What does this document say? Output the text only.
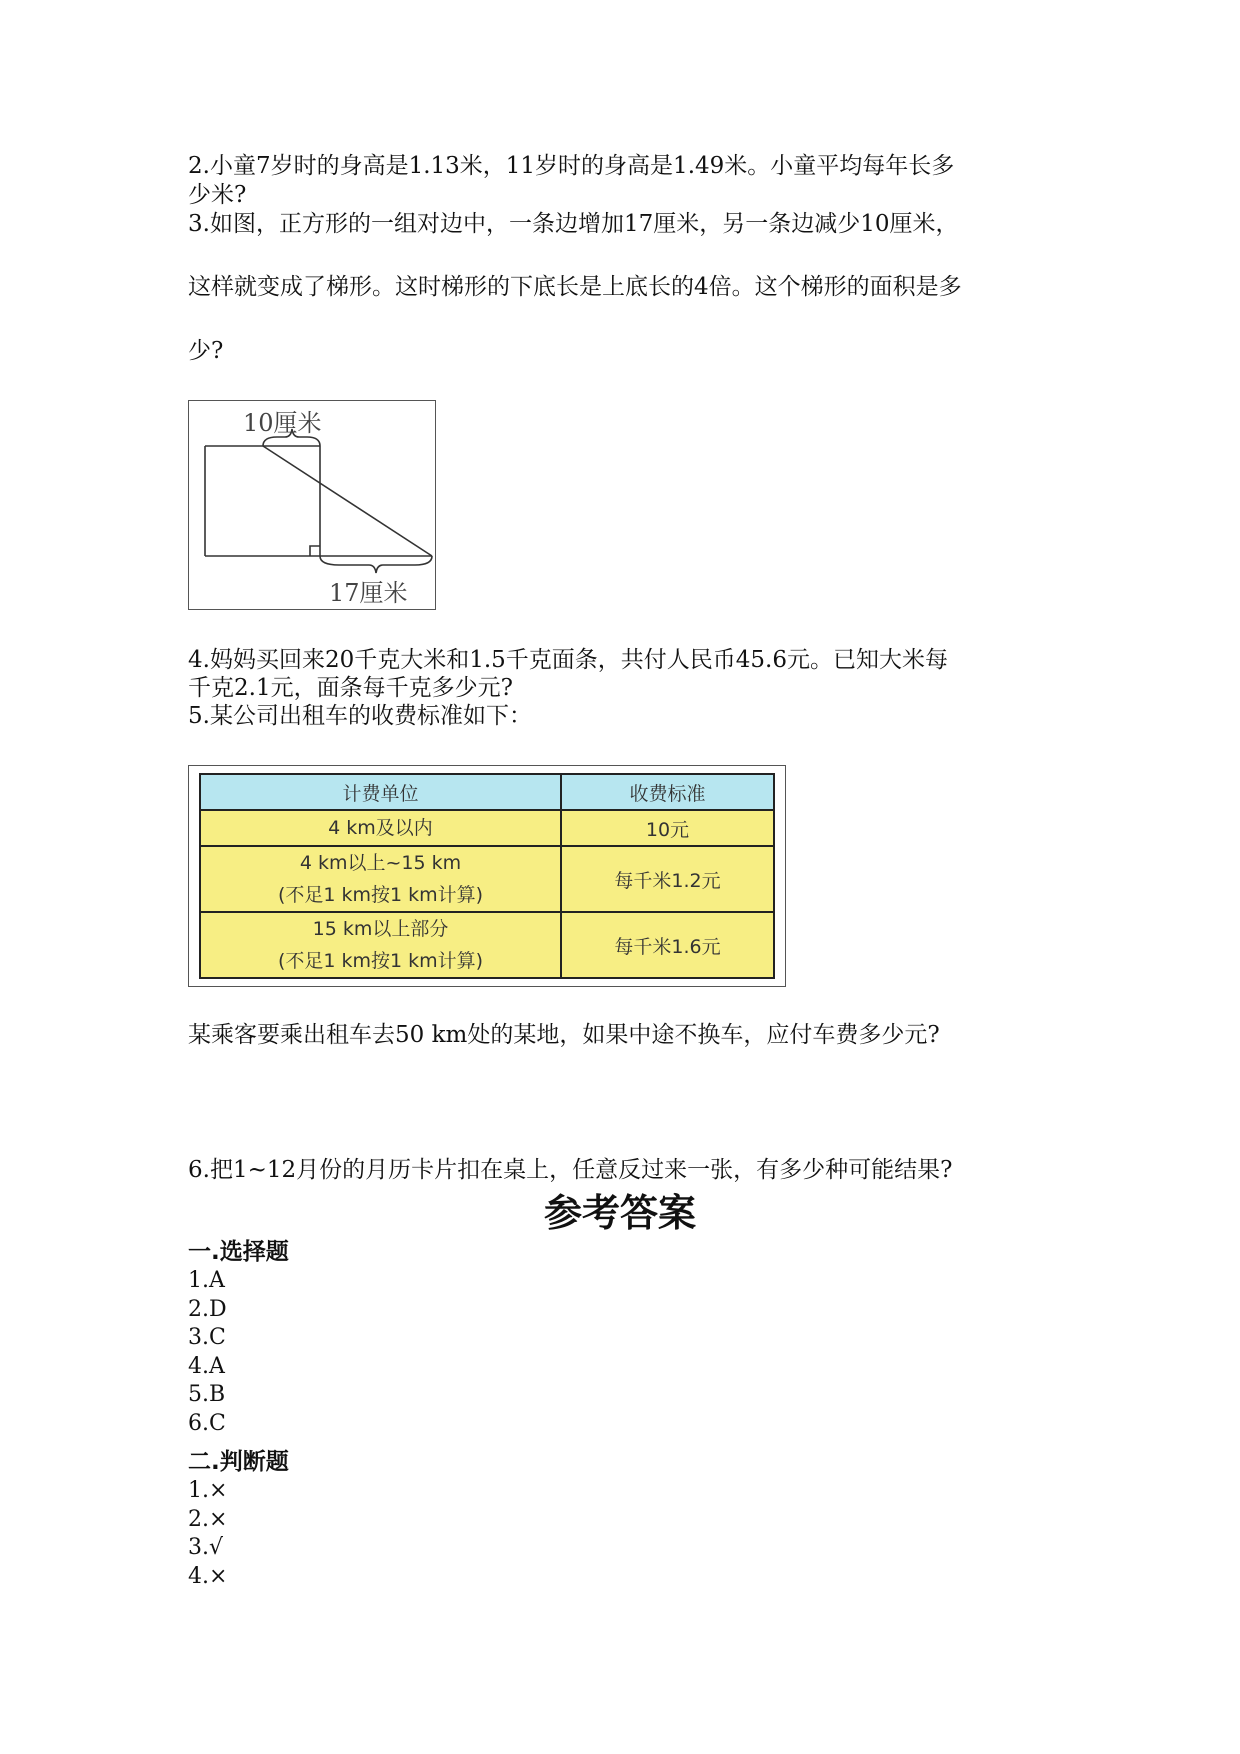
2.小童7岁时的身高是1.13米，11岁时的身高是1.49米。小童平均每年长多
少米?
3.如图，正方形的一组对边中，一条边增加17厘米，另一条边减少10厘米，
这样就变成了梯形。这时梯形的下底长是上底长的4倍。这个梯形的面积是多
少?
10厘米
17厘米
4.妈妈买回来20千克大米和1.5千克面条，共付人民币45.6元。已知大米每
千克2.1元，面条每千克多少元?
5.某公司出租车的收费标准如下：
计费单位	收费标准

4 km及以内	10元

4 km以上~15 km
(不足1 km按1 km计算)	每千米1.2元

15 km以上部分
(不足1 km按1 km计算)	每千米1.6元
某乘客要乘出租车去50 km处的某地，如果中途不换车，应付车费多少元?
6.把1~12月份的月历卡片扣在桌上，任意反过来一张，有多少种可能结果?
参考答案
一.选择题
1.A
2.D
3.C
4.A
5.B
6.C
二.判断题
1.×
2.×
3.√
4.×
